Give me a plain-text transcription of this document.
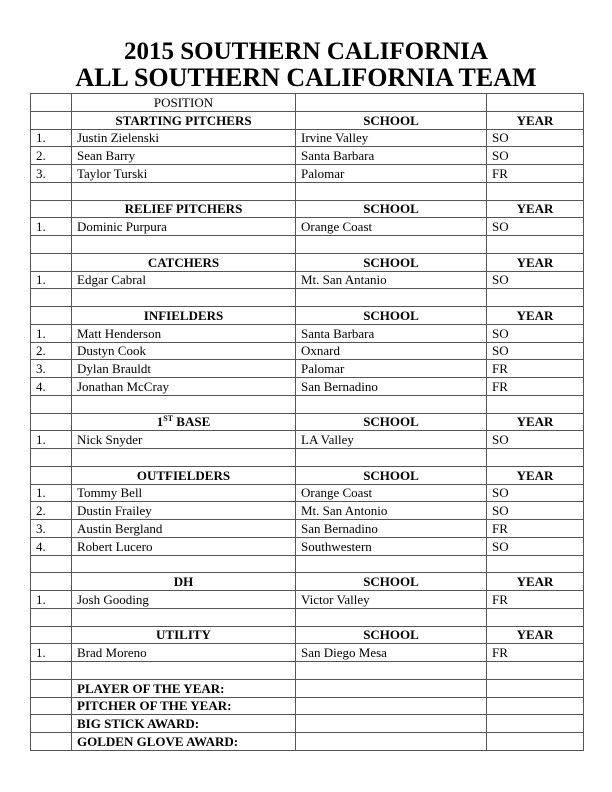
2015 SOUTHERN CALIFORNIA
ALL SOUTHERN CALIFORNIA TEAM
	POSITION		
	STARTING PITCHERS	SCHOOL	YEAR
1.	Justin Zielenski	Irvine Valley	SO
2.	Sean Barry	Santa Barbara	SO
3.	Taylor Turski	Palomar	FR

	RELIEF PITCHERS	SCHOOL	YEAR
1.	Dominic Purpura	Orange Coast	SO

	CATCHERS	SCHOOL	YEAR
1.	Edgar Cabral	Mt. San Antanio	SO

	INFIELDERS	SCHOOL	YEAR
1.	Matt Henderson	Santa Barbara	SO
2.	Dustyn Cook	Oxnard	SO
3.	Dylan Brauldt	Palomar	FR
4.	Jonathan McCray	San Bernadino	FR

	1ST BASE	SCHOOL	YEAR
1.	Nick Snyder	LA Valley	SO

	OUTFIELDERS	SCHOOL	YEAR
1.	Tommy Bell	Orange Coast	SO
2.	Dustin Frailey	Mt. San Antonio	SO
3.	Austin Bergland	San Bernadino	FR
4.	Robert Lucero	Southwestern	SO

	DH	SCHOOL	YEAR
1.	Josh Gooding	Victor Valley	FR

	UTILITY	SCHOOL	YEAR
1.	Brad Moreno	San Diego Mesa	FR

	PLAYER OF THE YEAR:		
	PITCHER OF THE YEAR:		
	BIG STICK AWARD:		
	GOLDEN GLOVE AWARD:		
